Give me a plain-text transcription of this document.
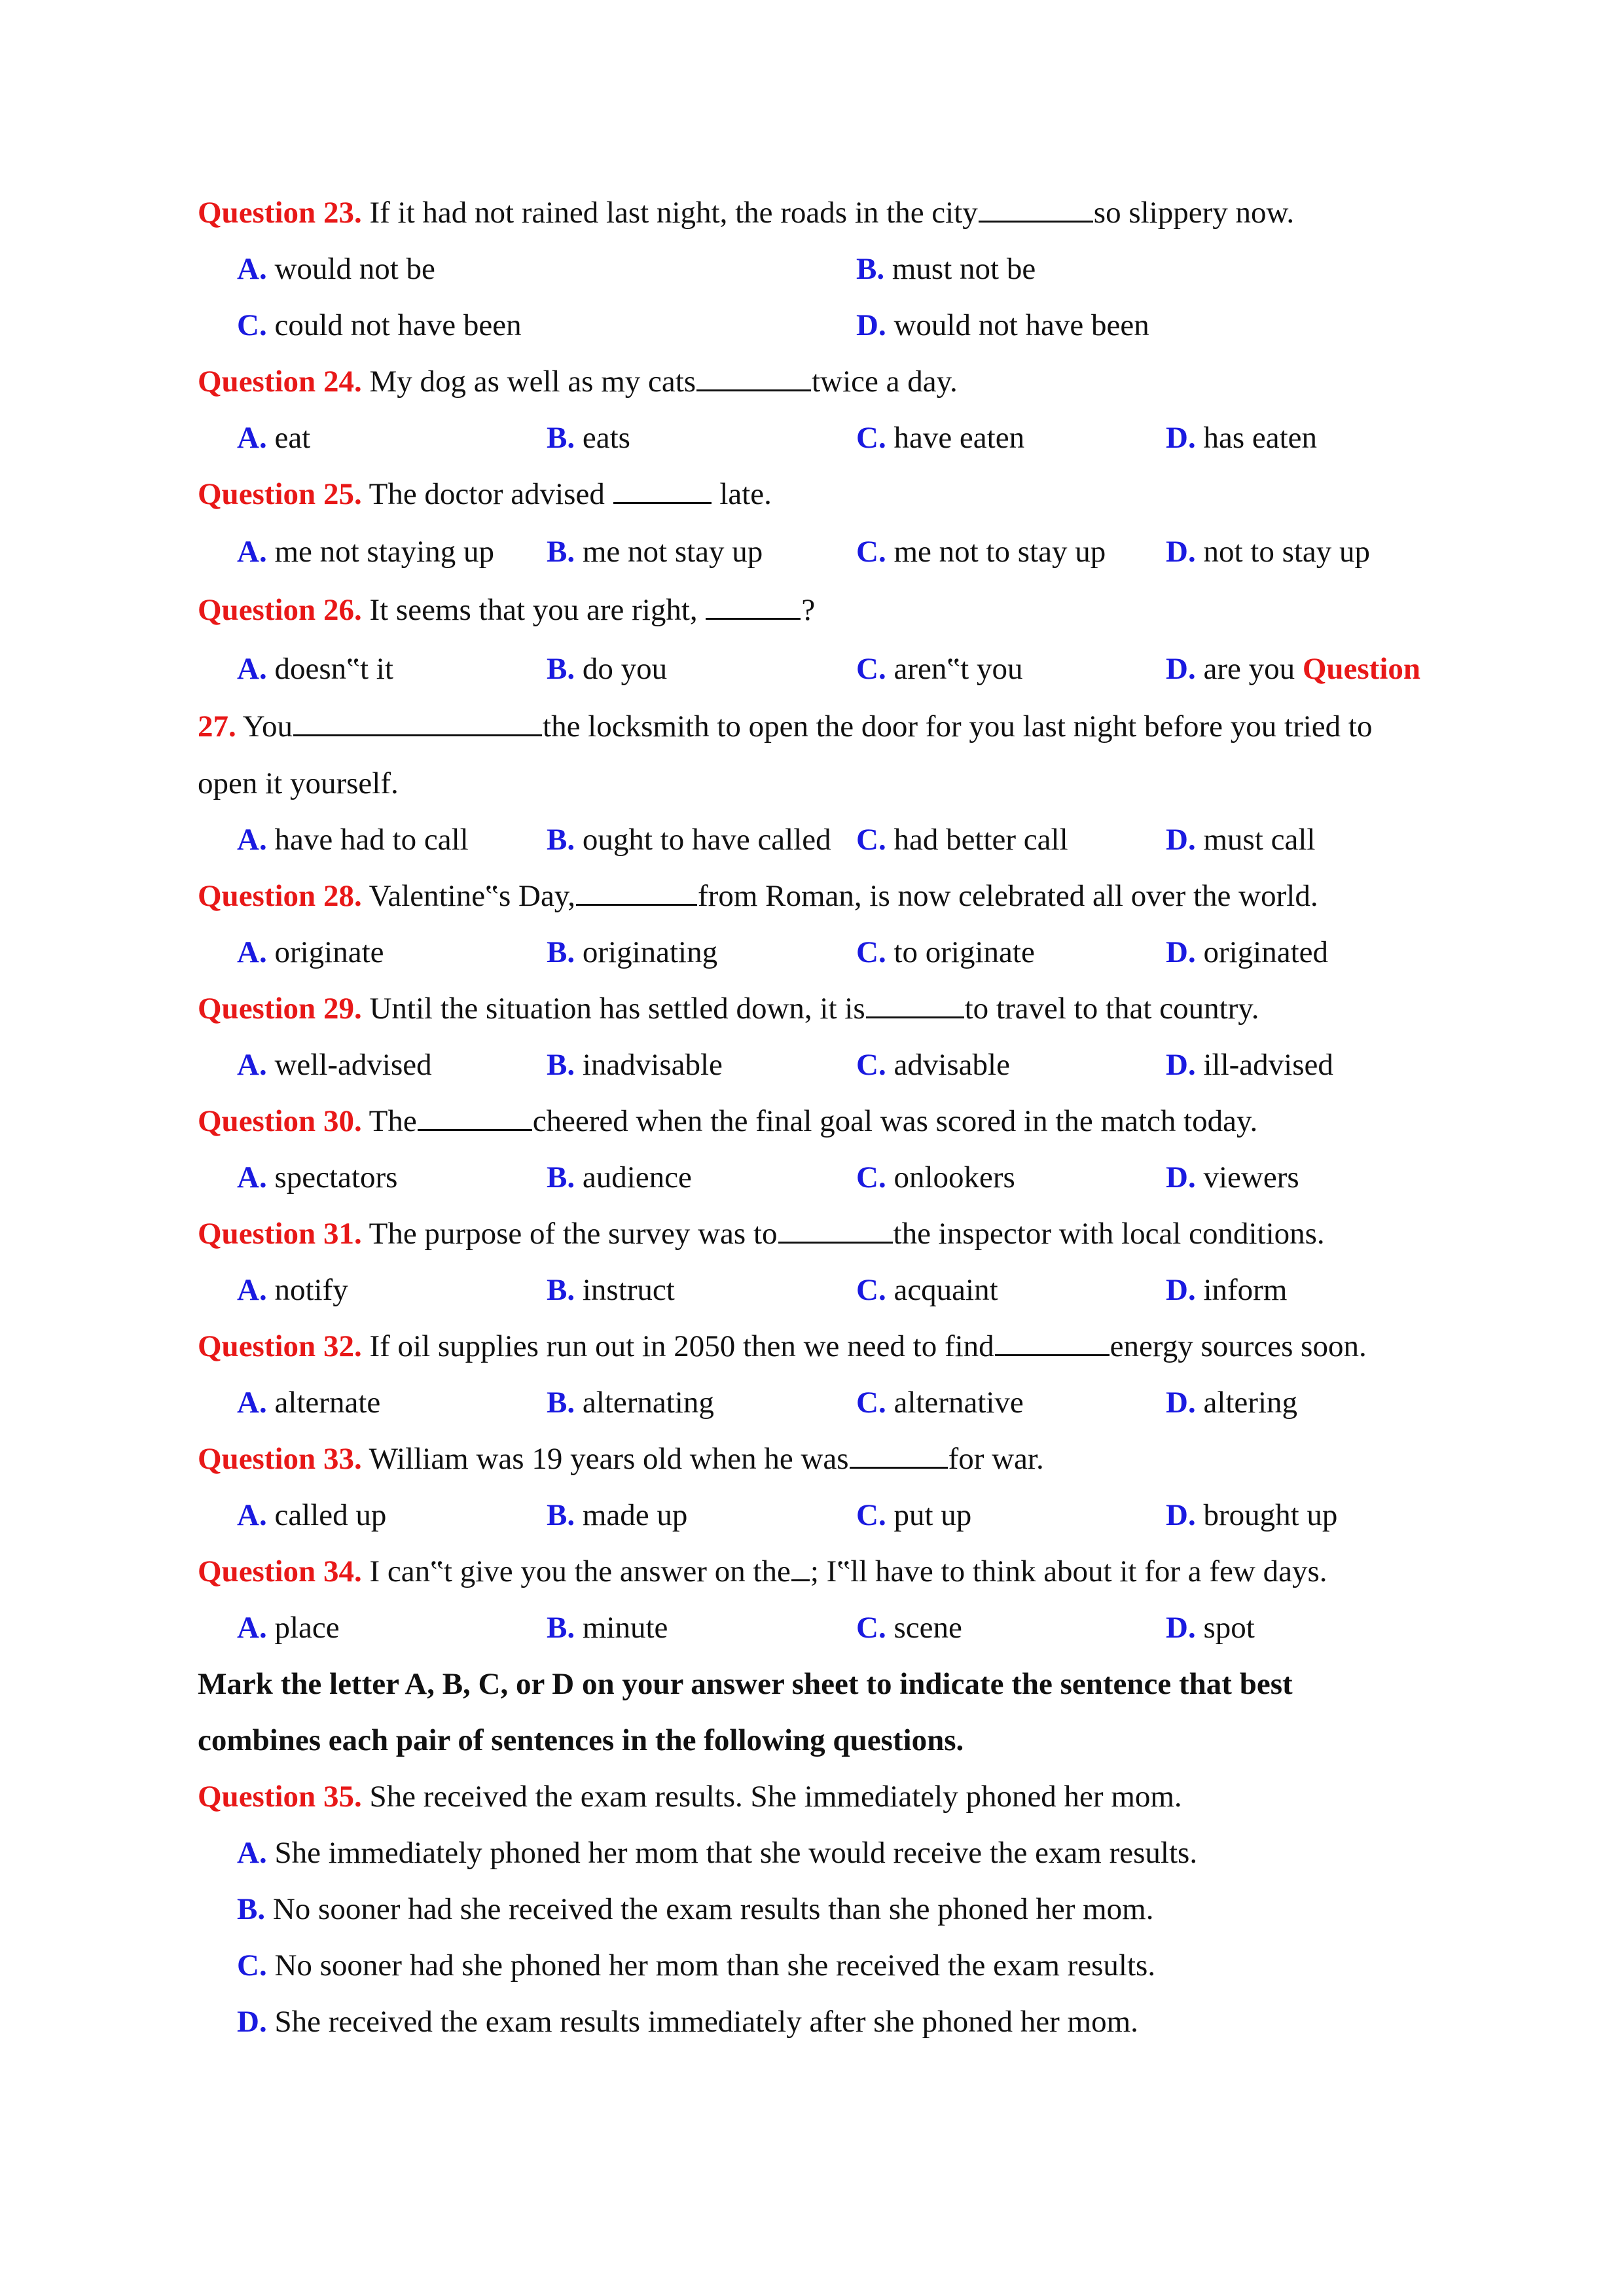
Question 23. If it had not rained last night, the roads in the city	so slippery now.
A. would not be	B. must not be
C. could not have been	D. would not have been
Question 24. My dog as well as my cats	twice a day.
A. eat	B. eats	C. have eaten	D. has eaten
Question 25. The doctor advised	late.
A. me not staying up B. me not stay up	C. me not to stay up D. not to stay up
Question 26. It seems that you are right,	?
A. doesn‟t it	B. do you	C. aren‟t you	D. are you Question
27. You	the locksmith to open the door for you last night before you tried to
open it yourself.
A. have had to call	B. ought to have called C. had better call	D. must call
Question 28. Valentine‟s Day,	from Roman, is now celebrated all over the world.
A. originate	B. originating	C. to originate	D. originated
Question 29. Until the situation has settled down, it is	to travel to that country.
A. well-advised	B. inadvisable	C. advisable	D. ill-advised
Question 30. The	cheered when the final goal was scored in the match today.
A. spectators	B. audience	C. onlookers	D. viewers
Question 31. The purpose of the survey was to	the inspector with local conditions.
A. notify	B. instruct	C. acquaint	D. inform
Question 32. If oil supplies run out in 2050 then we need to find	energy sources soon.
A. alternate	B. alternating	C. alternative	D. altering
Question 33. William was 19 years old when he was	for war.
A. called up	B. made up	C. put up	D. brought up
Question 34. I can‟t give you the answer on the ; I‟ll have to think about it for a few days.
A. place	B. minute	C. scene	D. spot
Mark the letter A, B, C, or D on your answer sheet to indicate the sentence that best
combines each pair of sentences in the following questions.
Question 35. She received the exam results. She immediately phoned her mom.
A. She immediately phoned her mom that she would receive the exam results.
B. No sooner had she received the exam results than she phoned her mom.
C. No sooner had she phoned her mom than she received the exam results.
D. She received the exam results immediately after she phoned her mom.
